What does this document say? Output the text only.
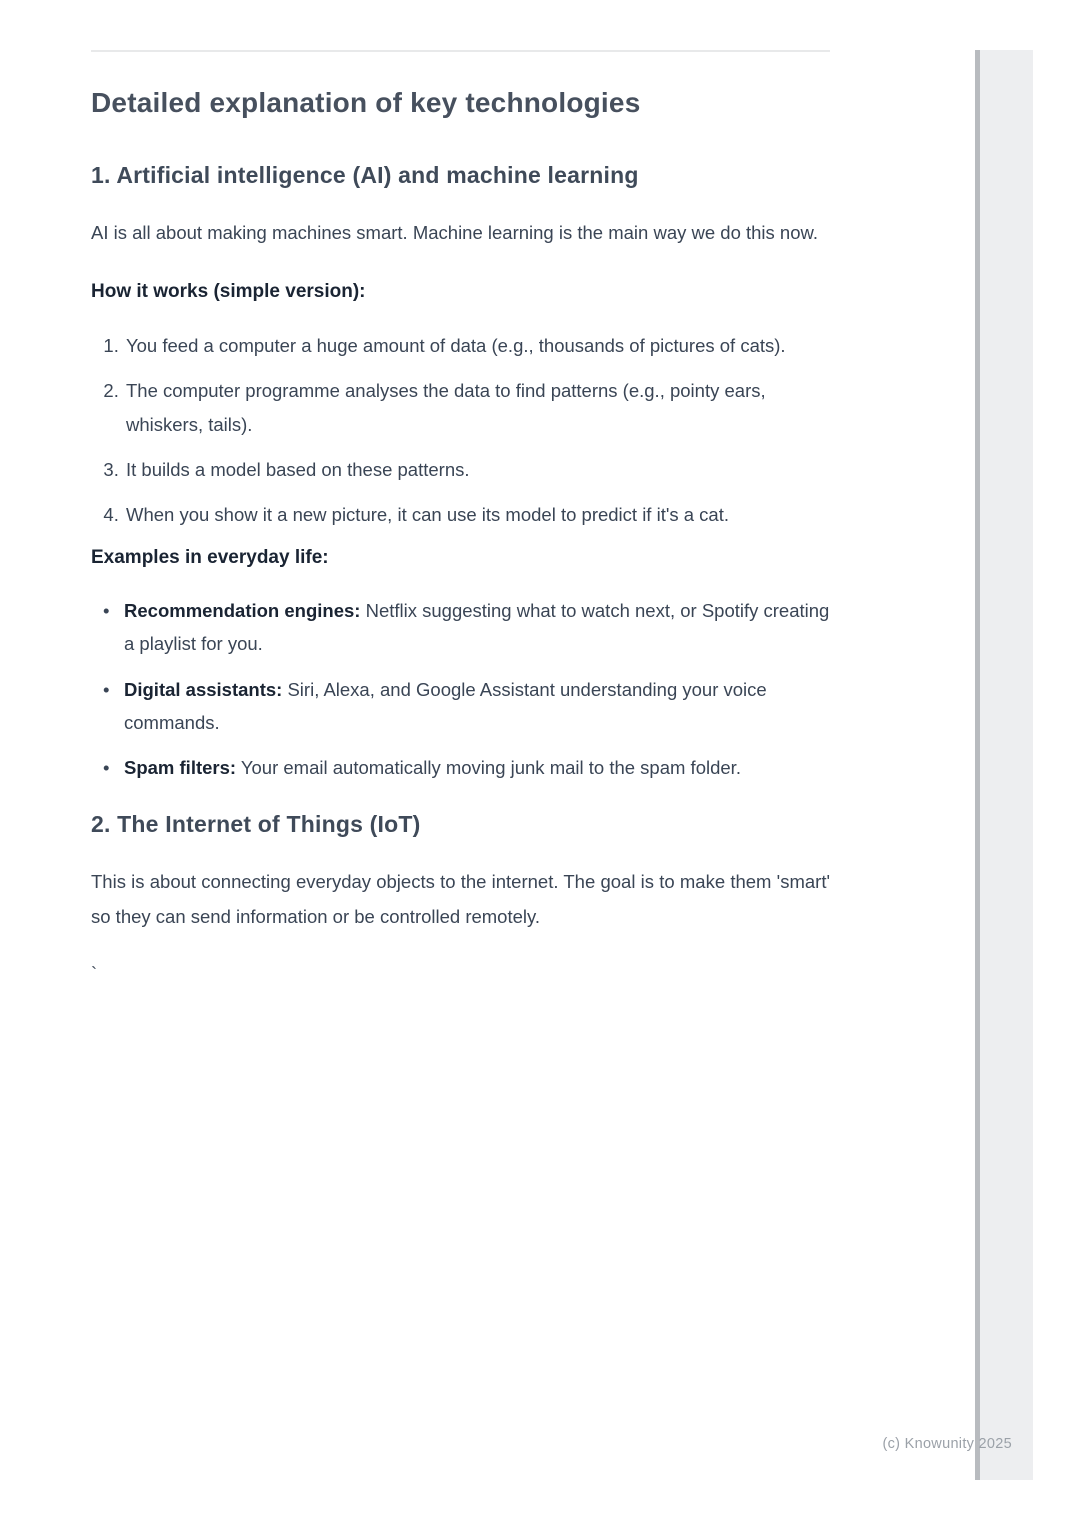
Detailed explanation of key technologies
1. Artificial intelligence (AI) and machine learning

AI is all about making machines smart. Machine learning is the main way we do this now.

How it works (simple version):
1. You feed a computer a huge amount of data (e.g., thousands of pictures of cats).
2. The computer programme analyses the data to find patterns (e.g., pointy ears, whiskers, tails).
3. It builds a model based on these patterns.
4. When you show it a new picture, it can use its model to predict if it's a cat.
Examples in everyday life:
• Recommendation engines: Netflix suggesting what to watch next, or Spotify creating a playlist for you.
• Digital assistants: Siri, Alexa, and Google Assistant understanding your voice commands.
• Spam filters: Your email automatically moving junk mail to the spam folder.
2. The Internet of Things (IoT)

This is about connecting everyday objects to the internet. The goal is to make them 'smart' so they can send information or be controlled remotely.

`

(c) Knowunity 2025
